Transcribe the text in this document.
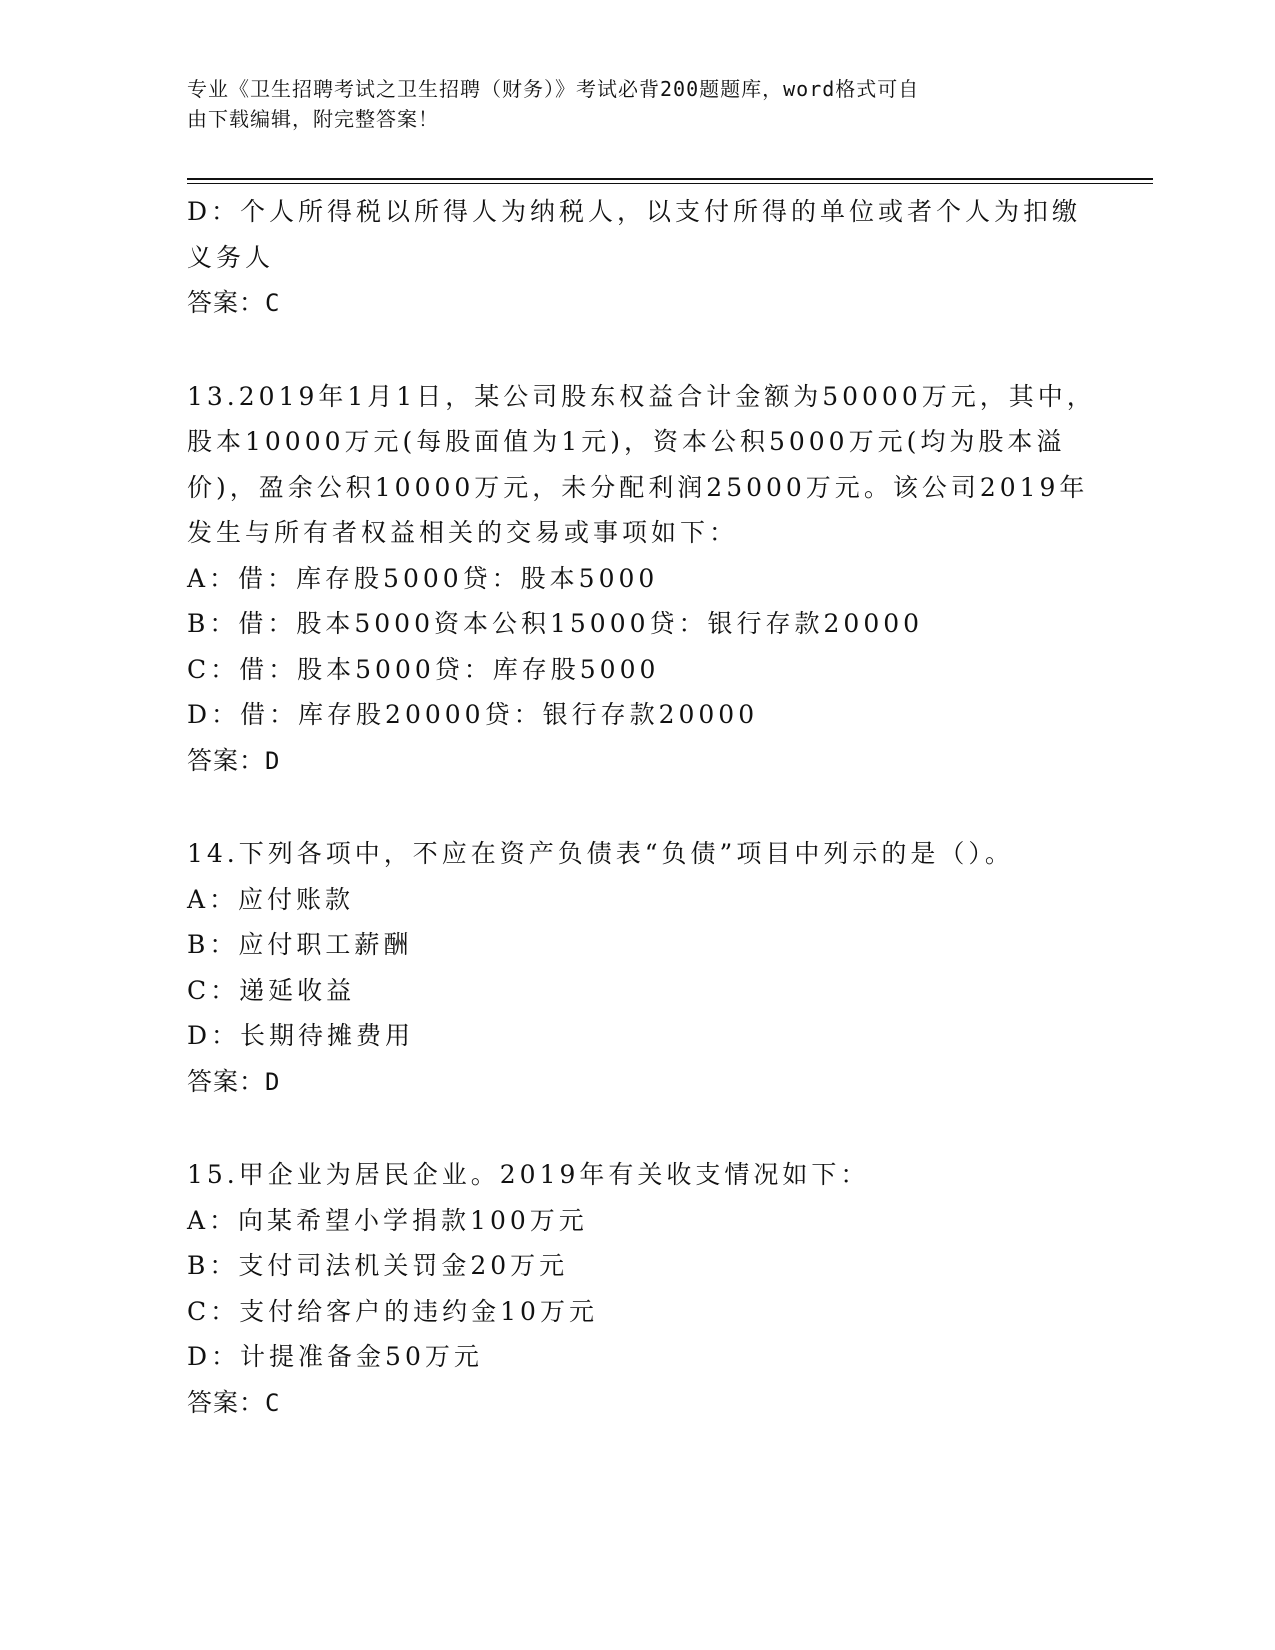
专业《卫生招聘考试之卫生招聘（财务）》考试必背200题题库，word格式可自
由下载编辑，附完整答案！
D：个人所得税以所得人为纳税人，以支付所得的单位或者个人为扣缴
义务人
答案：C
13.2019年1月1日，某公司股东权益合计金额为50000万元，其中，
股本10000万元(每股面值为1元)，资本公积5000万元(均为股本溢
价)，盈余公积10000万元，未分配利润25000万元。该公司2019年
发生与所有者权益相关的交易或事项如下：
A：借：库存股5000贷：股本5000
B：借：股本5000资本公积15000贷：银行存款20000
C：借：股本5000贷：库存股5000
D：借：库存股20000贷：银行存款20000
答案：D
14.下列各项中，不应在资产负债表“负债”项目中列示的是（）。
A：应付账款
B：应付职工薪酬
C：递延收益
D：长期待摊费用
答案：D
15.甲企业为居民企业。2019年有关收支情况如下：
A：向某希望小学捐款100万元
B：支付司法机关罚金20万元
C：支付给客户的违约金10万元
D：计提准备金50万元
答案：C
